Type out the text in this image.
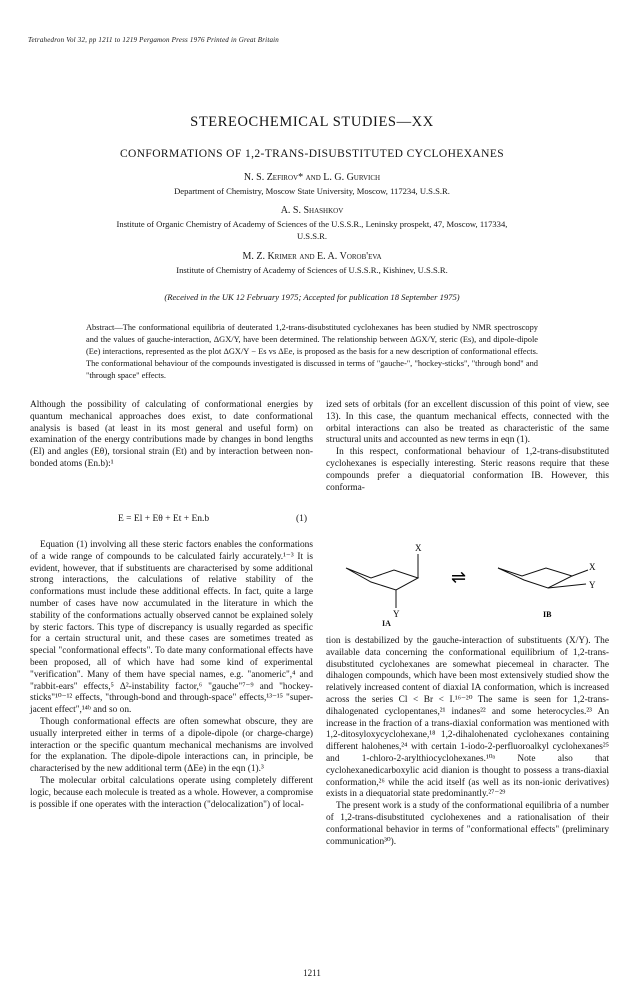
Tetrahedron Vol 32, pp 1211 to 1219 Pergamon Press 1976 Printed in Great Britain
STEREOCHEMICAL STUDIES—XX
CONFORMATIONS OF 1,2-TRANS-DISUBSTITUTED CYCLOHEXANES
N. S. Zefirov* and L. G. Gurvich
Department of Chemistry, Moscow State University, Moscow, 117234, U.S.S.R.
A. S. Shashkov
Institute of Organic Chemistry of Academy of Sciences of the U.S.S.R., Leninsky prospekt, 47, Moscow, 117334,
U.S.S.R.
M. Z. Krimer and E. A. Vorob'eva
Institute of Chemistry of Academy of Sciences of U.S.S.R., Kishinev, U.S.S.R.
(Received in the UK 12 February 1975; Accepted for publication 18 September 1975)
Abstract—The conformational equilibria of deuterated 1,2-trans-disubstituted cyclohexanes has been studied by NMR spectroscopy and the values of gauche-interaction, ΔGX/Y, have been determined. The relationship between ΔGX/Y, steric (Es), and dipole-dipole (Ee) interactions, represented as the plot ΔGX/Y − Es vs ΔEe, is proposed as the basis for a new description of conformational effects. The conformational behaviour of the compounds investigated is discussed in terms of "gauche-", "hockey-sticks", "through bond" and "through space" effects.

Although the possibility of calculating of conformational energies by quantum mechanical approaches does exist, to date conformational analysis is based (at least in its most general and useful form) on examination of the energy contributions made by changes in bond lengths (El) and angles (Eθ), torsional strain (Et) and by interaction between non-bonded atoms (En.b):¹

E = El + Eθ + Et + En.b	(1)

Equation (1) involving all these steric factors enables the conformations of a wide range of compounds to be calculated fairly accurately.¹⁻³ It is evident, however, that if substituents are characterised by some additional strong interactions, the calculations of relative stability of the conformations must include these additional effects. In fact, quite a large number of cases have now accumulated in the literature in which the stability of the conformations actually observed cannot be explained solely by steric factors. This type of discrepancy is usually regarded as specific for a certain structural unit, and these cases are sometimes treated as special "conformational effects". To date many conformational effects have been proposed, all of which have had some kind of experimental "verification". Many of them have special names, e.g. "anomeric",⁴ and "rabbit-ears" effects,⁵ Δ²-instability factor,⁶ "gauche"⁷⁻⁹ and "hockey-sticks"¹⁰⁻¹² effects, "through-bond and through-space" effects,¹³⁻¹⁵ "super-jacent effect",¹⁴ᵇ and so on.

Though conformational effects are often somewhat obscure, they are usually interpreted either in terms of a dipole-dipole (or charge-charge) interaction or the specific quantum mechanical mechanisms are involved for the explanation. The dipole-dipole interactions can, in principle, be characterised by the new additional term (ΔEe) in the eqn (1).³

The molecular orbital calculations operate using completely different logic, because each molecule is treated as a whole. However, a compromise is possible if one operates with the interaction ("delocalization") of local-

ized sets of orbitals (for an excellent discussion of this point of view, see 13). In this case, the quantum mechanical effects, connected with the orbital interactions can also be treated as characteristic of the same structural units and accounted as new terms in eqn (1).

In this respect, conformational behaviour of 1,2-trans-disubstituted cyclohexanes is especially interesting. Steric reasons require that these compounds prefer a diequatorial conformation IB. However, this conforma-

X
Y
X
Y
⇌
IB
IA

tion is destabilized by the gauche-interaction of substituents (X/Y). The available data concerning the conformational equilibrium of 1,2-trans-disubstituted cyclohexanes are somewhat piecemeal in character. The dihalogen compounds, which have been most extensively studied show the relatively increased content of diaxial IA conformation, which is increased across the series Cl < Br < I.¹⁶⁻²⁰ The same is seen for 1,2-trans-dihalogenated cyclopentanes,²¹ indanes²² and some heterocycles.²³ An increase in the fraction of a trans-diaxial conformation was mentioned with 1,2-ditosyloxycyclohexane,¹⁸ 1,2-dihalohenated cyclohexanes containing different halohenes,²⁴ with certain 1-iodo-2-perfluoroalkyl cyclohexanes²⁵ and 1-chloro-2-arylthiocyclohexanes.¹⁰ᵃ Note also that cyclohexanedicarboxylic acid dianion is thought to possess a trans-diaxial conformation,²⁶ while the acid itself (as well as its non-ionic derivatives) exists in a diequatorial state predominantly.²⁷⁻²⁹

The present work is a study of the conformational equilibria of a number of 1,2-trans-disubstituted cyclohexenes and a rationalisation of their conformational behavior in terms of "conformational effects" (preliminary communication³⁰).

1211
